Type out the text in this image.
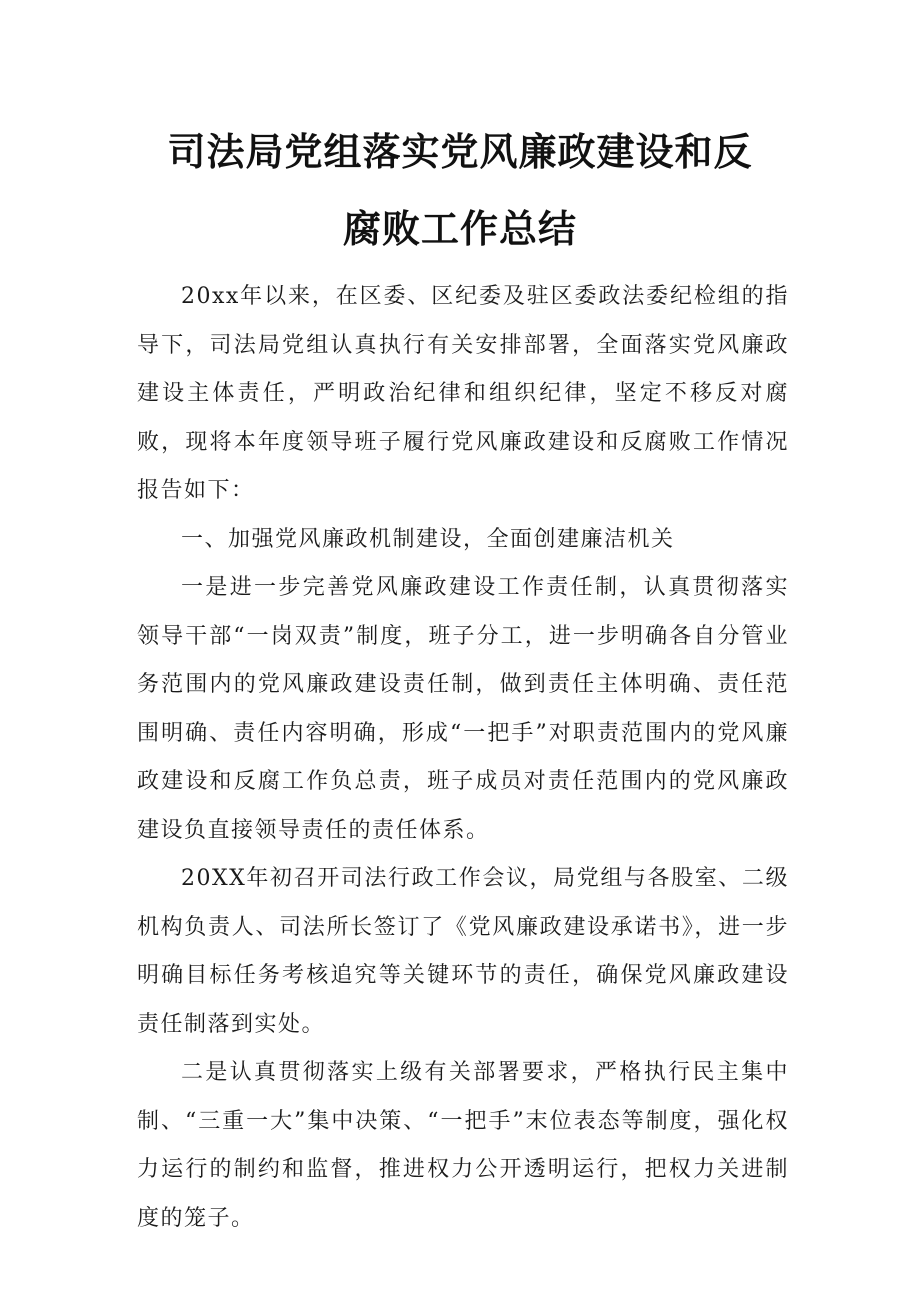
司法局党组落实党风廉政建设和反
腐败工作总结

20xx年以来，在区委、区纪委及驻区委政法委纪检组的指导下，司法局党组认真执行有关安排部署，全面落实党风廉政建设主体责任，严明政治纪律和组织纪律，坚定不移反对腐败，现将本年度领导班子履行党风廉政建设和反腐败工作情况报告如下：

一、加强党风廉政机制建设，全面创建廉洁机关

一是进一步完善党风廉政建设工作责任制，认真贯彻落实领导干部“一岗双责”制度，班子分工，进一步明确各自分管业务范围内的党风廉政建设责任制，做到责任主体明确、责任范围明确、责任内容明确，形成“一把手”对职责范围内的党风廉政建设和反腐工作负总责，班子成员对责任范围内的党风廉政建设负直接领导责任的责任体系。

20XX年初召开司法行政工作会议，局党组与各股室、二级机构负责人、司法所长签订了《党风廉政建设承诺书》，进一步明确目标任务考核追究等关键环节的责任，确保党风廉政建设责任制落到实处。

二是认真贯彻落实上级有关部署要求，严格执行民主集中制、“三重一大”集中决策、“一把手”末位表态等制度，强化权力运行的制约和监督，推进权力公开透明运行，把权力关进制度的笼子。
